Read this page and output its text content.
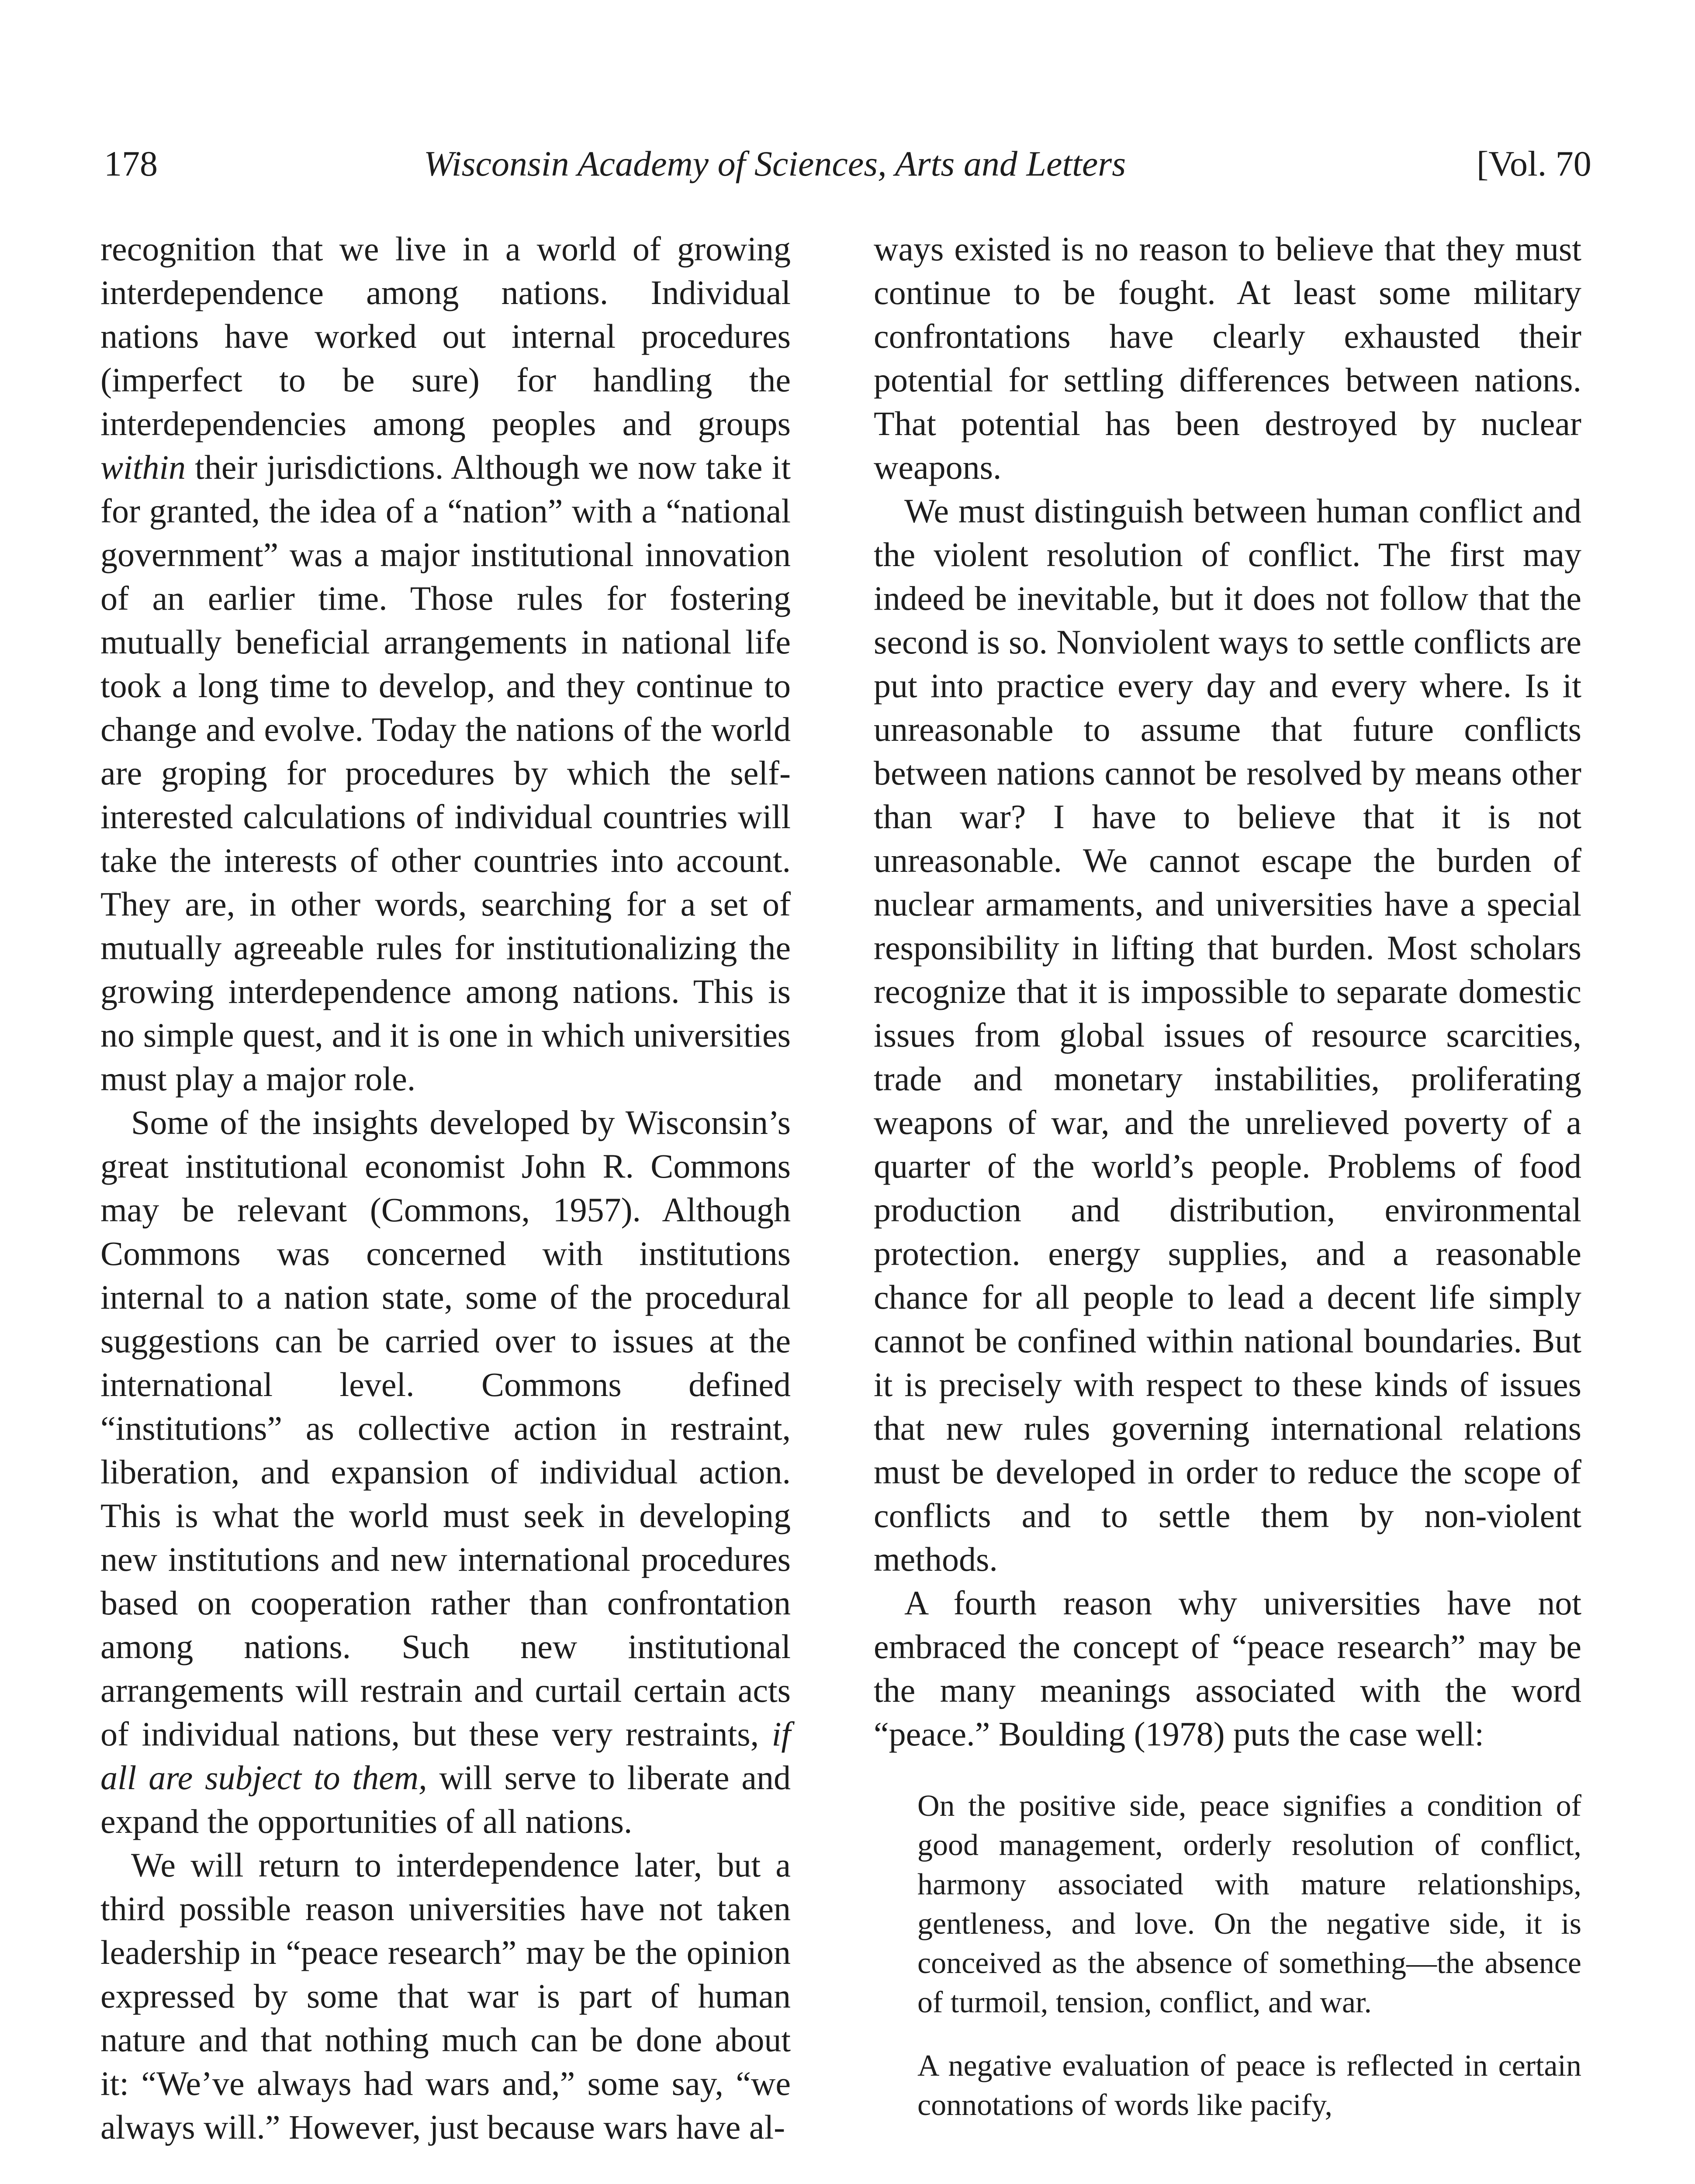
178	Wisconsin Academy of Sciences, Arts and Letters	[Vol. 70

recognition that we live in a world of growing interdependence among nations. Individual nations have worked out internal procedures (imperfect to be sure) for handling the interdependencies among peoples and groups within their jurisdictions. Although we now take it for granted, the idea of a “nation” with a “national government” was a major institutional innovation of an earlier time. Those rules for fostering mutually beneficial arrangements in national life took a long time to develop, and they continue to change and evolve. Today the nations of the world are groping for procedures by which the self-interested calculations of individual countries will take the interests of other countries into account. They are, in other words, searching for a set of mutually agreeable rules for institutionalizing the growing interdependence among nations. This is no simple quest, and it is one in which universities must play a major role.

Some of the insights developed by Wisconsin’s great institutional economist John R. Commons may be relevant (Commons, 1957). Although Commons was concerned with institutions internal to a nation state, some of the procedural suggestions can be carried over to issues at the international level. Commons defined “institutions” as collective action in restraint, liberation, and expansion of individual action. This is what the world must seek in developing new institutions and new international procedures based on cooperation rather than confrontation among nations. Such new institutional arrangements will restrain and curtail certain acts of individual nations, but these very restraints, if all are subject to them, will serve to liberate and expand the opportunities of all nations.

We will return to interdependence later, but a third possible reason universities have not taken leadership in “peace research” may be the opinion expressed by some that war is part of human nature and that nothing much can be done about it: “We’ve always had wars and,” some say, “we always will.” However, just because wars have al-

ways existed is no reason to believe that they must continue to be fought. At least some military confrontations have clearly exhausted their potential for settling differences between nations. That potential has been destroyed by nuclear weapons.

We must distinguish between human conflict and the violent resolution of conflict. The first may indeed be inevitable, but it does not follow that the second is so. Nonviolent ways to settle conflicts are put into practice every day and every where. Is it unreasonable to assume that future conflicts between nations cannot be resolved by means other than war? I have to believe that it is not unreasonable. We cannot escape the burden of nuclear armaments, and universities have a special responsibility in lifting that burden. Most scholars recognize that it is impossible to separate domestic issues from global issues of resource scarcities, trade and monetary instabilities, proliferating weapons of war, and the unrelieved poverty of a quarter of the world’s people. Problems of food production and distribution, environmental protection. energy supplies, and a reasonable chance for all people to lead a decent life simply cannot be confined within national boundaries. But it is precisely with respect to these kinds of issues that new rules governing international relations must be developed in order to reduce the scope of conflicts and to settle them by non-violent methods.

A fourth reason why universities have not embraced the concept of “peace research” may be the many meanings associated with the word “peace.” Boulding (1978) puts the case well:

On the positive side, peace signifies a condition of good management, orderly resolution of conflict, harmony associated with mature relationships, gentleness, and love. On the negative side, it is conceived as the absence of something—the absence of turmoil, tension, conflict, and war.

A negative evaluation of peace is reflected in certain connotations of words like pacify,
